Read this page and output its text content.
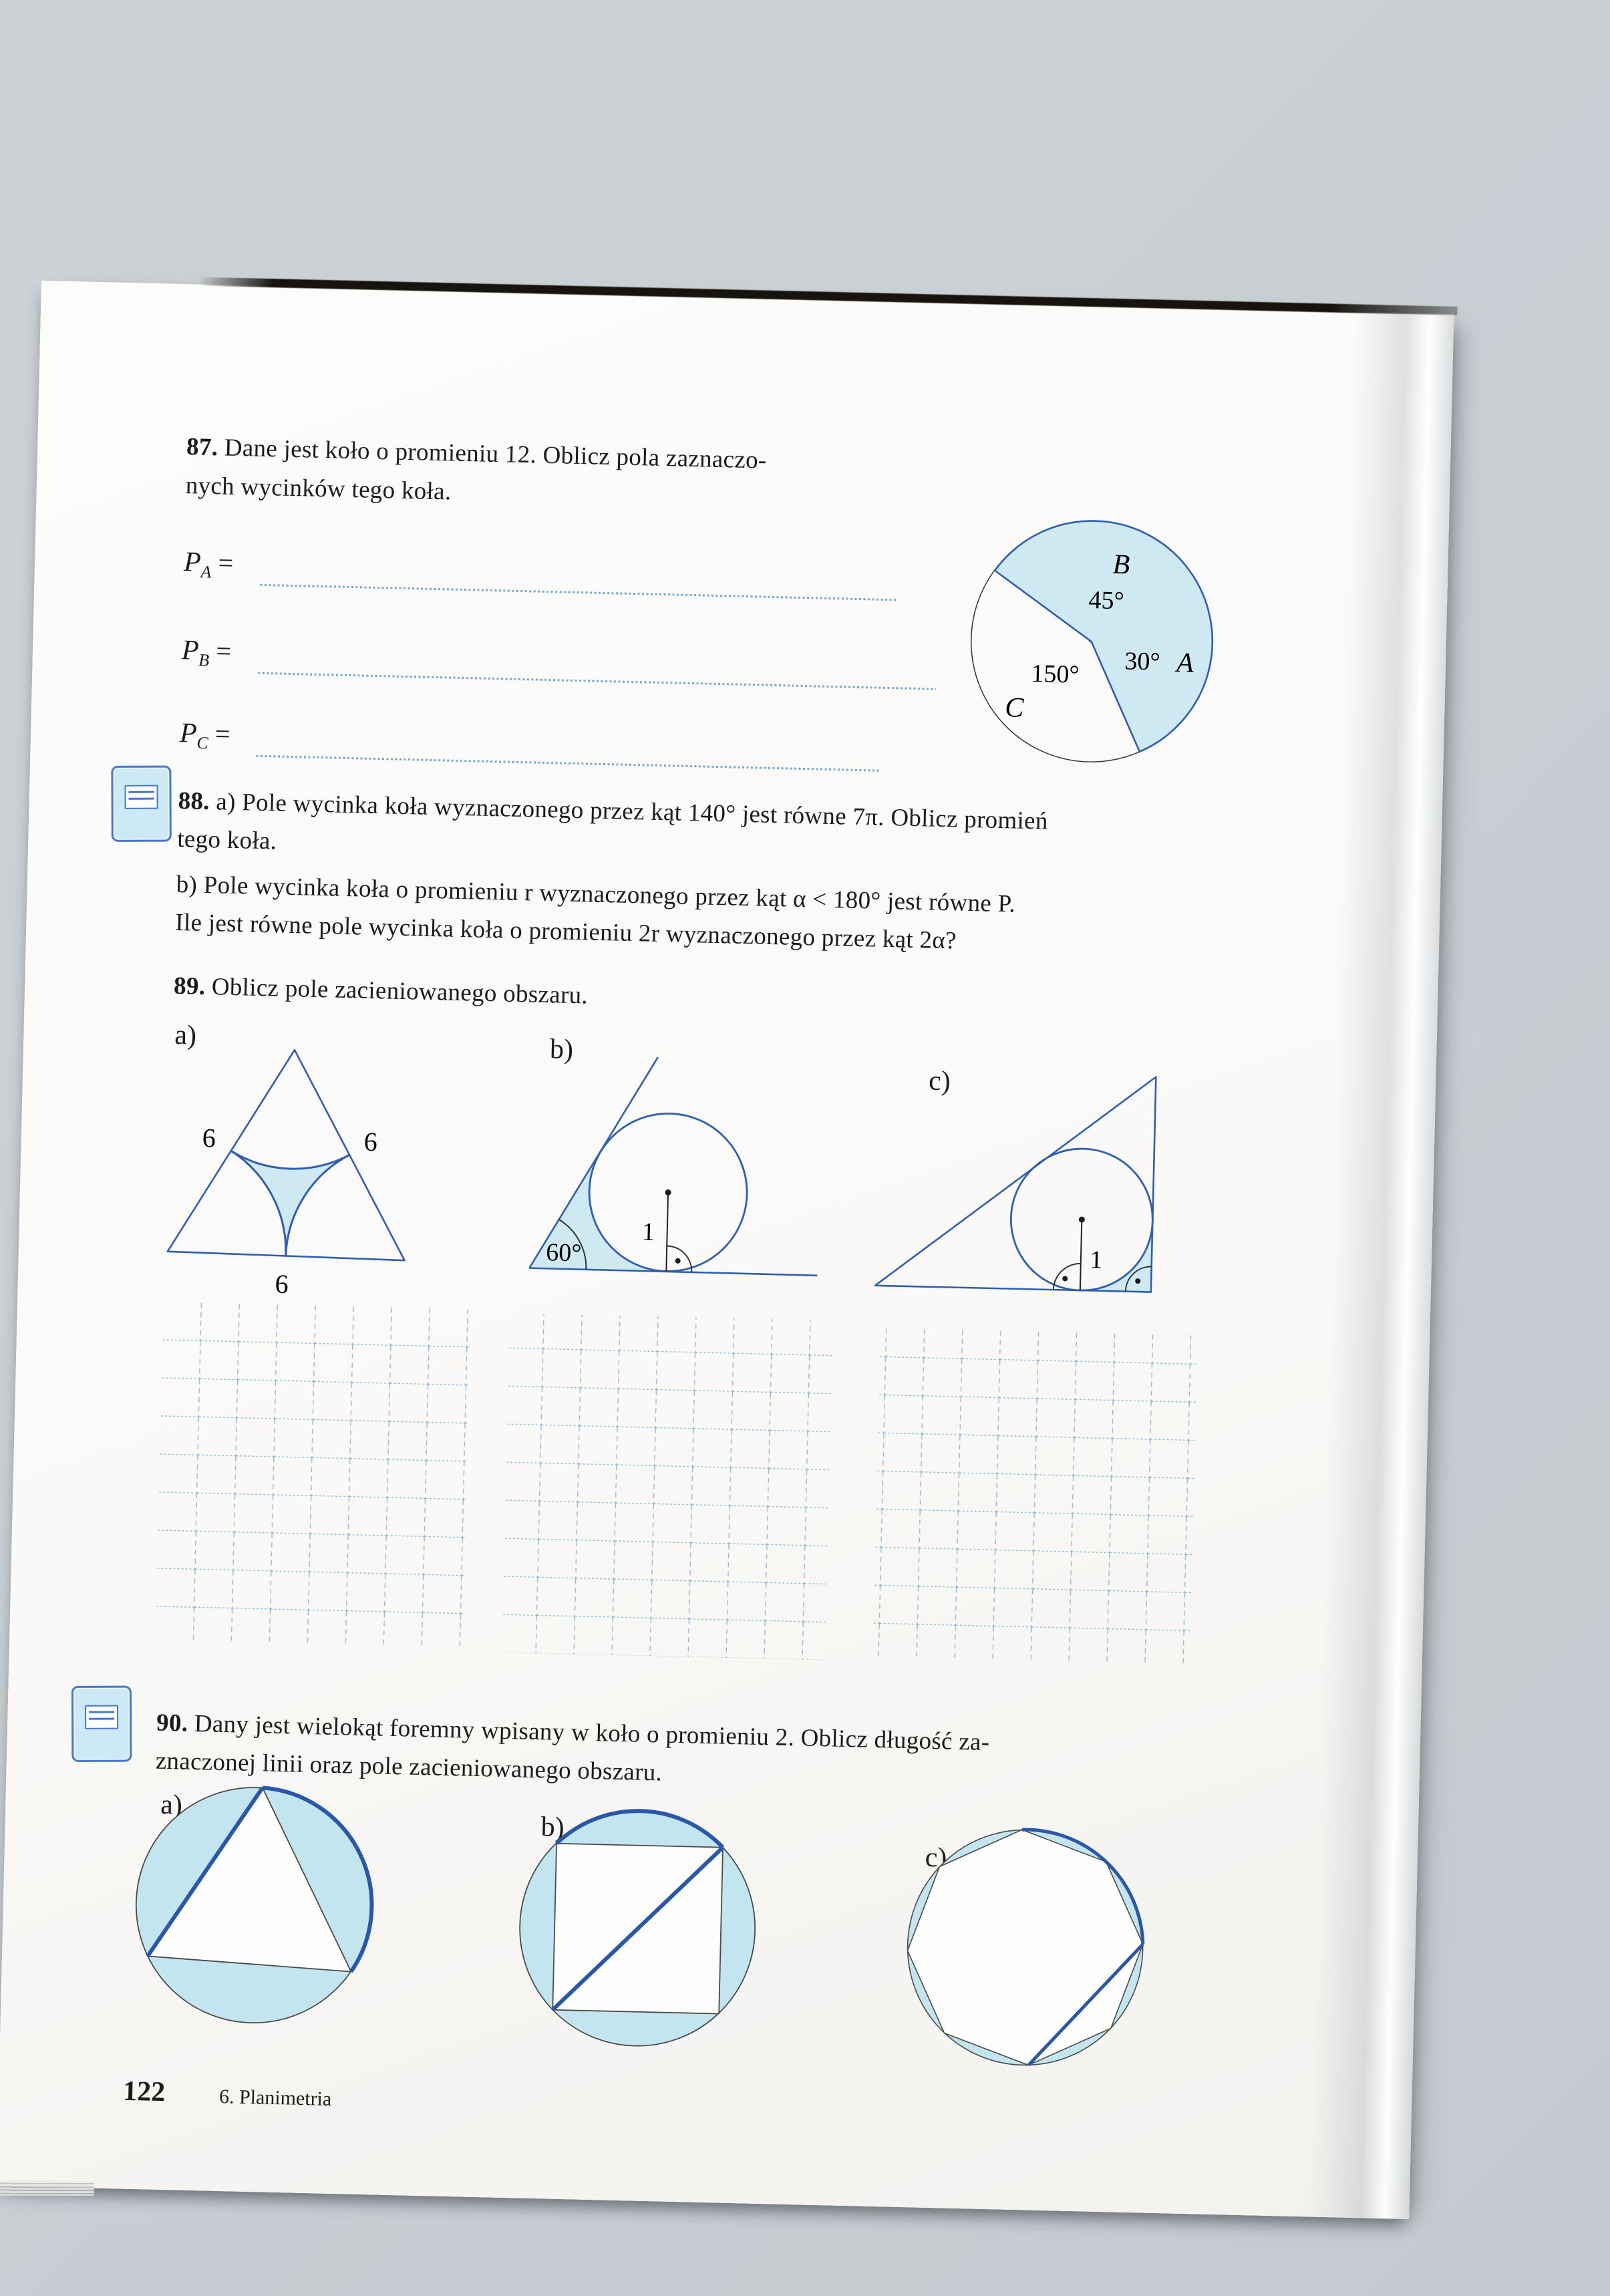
87. Dane jest koło o promieniu 12. Oblicz pola zaznaczo-
nych wycinków tego koła.
$P_A$ =
$P_B$ =
$P_C$ =
B
45°
30° A
150°
C
88. a) Pole wycinka koła wyznaczonego przez kąt 140° jest równe 7π. Oblicz promień
tego koła.
b) Pole wycinka koła o promieniu r wyznaczonego przez kąt α < 180° jest równe P.
Ile jest równe pole wycinka koła o promieniu 2r wyznaczonego przez kąt 2α?
89. Oblicz pole zacieniowanego obszaru.
a)	b)
c)
6	6
6
60°
1
1
90. Dany jest wielokąt foremny wpisany w koło o promieniu 2. Oblicz długość za-
znaczonej linii oraz pole zacieniowanego obszaru.
a)
b)
c)
122	6. Planimetria
